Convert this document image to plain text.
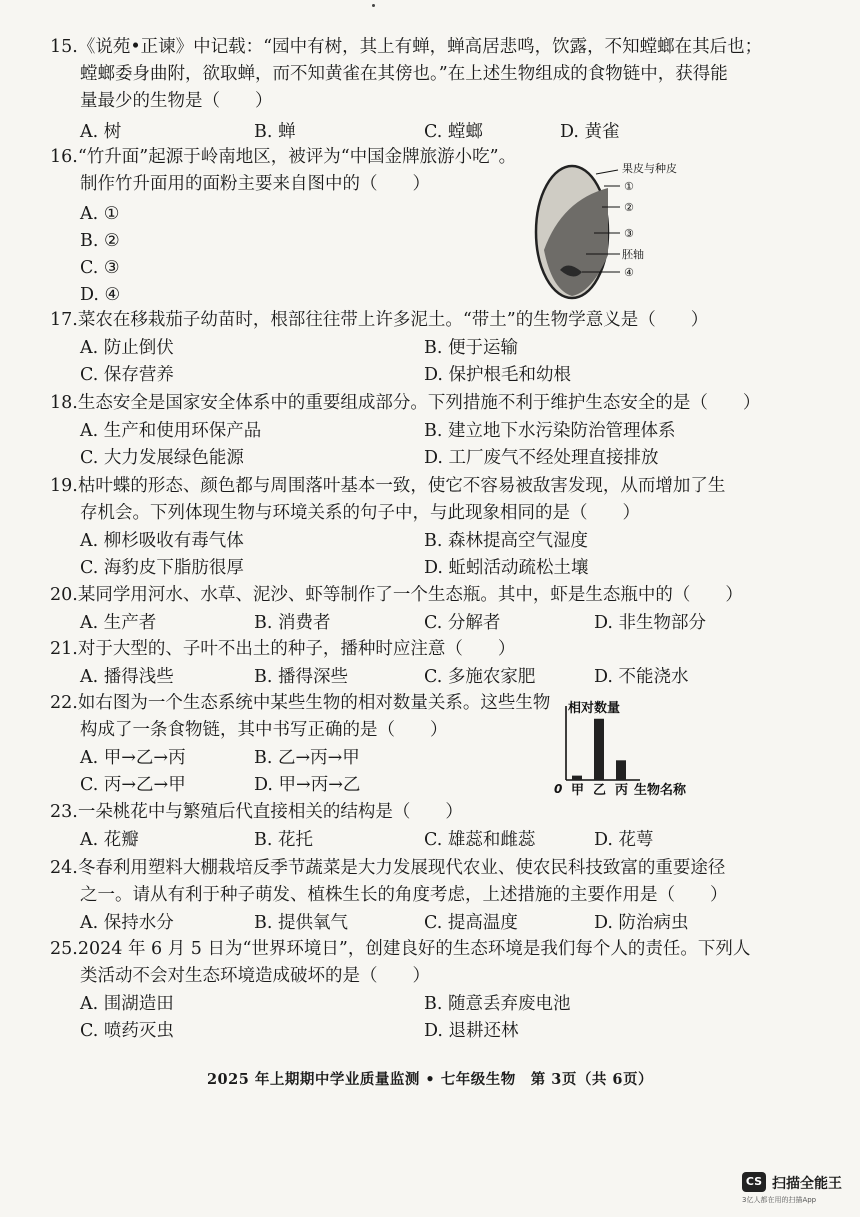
15.《说苑•正谏》中记载：“园中有树，其上有蝉，蝉高居悲鸣，饮露，不知螳螂在其后也；
螳螂委身曲附，欲取蝉，而不知黄雀在其傍也。”在上述生物组成的食物链中，获得能
量最少的生物是（　　）
A. 树	B. 蝉	C. 螳螂	D. 黄雀
16.“竹升面”起源于岭南地区，被评为“中国金牌旅游小吃”。
制作竹升面用的面粉主要来自图中的（　　）
A. ①
B. ②
C. ③
D. ④
果皮与种皮
①
②
③
胚轴
④
17.菜农在移栽茄子幼苗时，根部往往带上许多泥土。“带土”的生物学意义是（　　）
A. 防止倒伏	B. 便于运输
C. 保存营养	D. 保护根毛和幼根
18.生态安全是国家安全体系中的重要组成部分。下列措施不利于维护生态安全的是（　　）
A. 生产和使用环保产品	B. 建立地下水污染防治管理体系
C. 大力发展绿色能源	D. 工厂废气不经处理直接排放
19.枯叶蝶的形态、颜色都与周围落叶基本一致，使它不容易被敌害发现，从而增加了生
存机会。下列体现生物与环境关系的句子中，与此现象相同的是（　　）
A. 柳杉吸收有毒气体	B. 森林提高空气湿度
C. 海豹皮下脂肪很厚	D. 蚯蚓活动疏松土壤
20.某同学用河水、水草、泥沙、虾等制作了一个生态瓶。其中，虾是生态瓶中的（　　）
A. 生产者	B. 消费者	C. 分解者	D. 非生物部分
21.对于大型的、子叶不出土的种子，播种时应注意（　　）
A. 播得浅些	B. 播得深些	C. 多施农家肥	D. 不能浇水
22.如右图为一个生态系统中某些生物的相对数量关系。这些生物
构成了一条食物链，其中书写正确的是（　　）
A. 甲→乙→丙	B. 乙→丙→甲
C. 丙→乙→甲	D. 甲→丙→乙
相对数量
0	生物名称
甲 乙 丙
23.一朵桃花中与繁殖后代直接相关的结构是（　　）
A. 花瓣	B. 花托	C. 雄蕊和雌蕊	D. 花萼
24.冬春利用塑料大棚栽培反季节蔬菜是大力发展现代农业、使农民科技致富的重要途径
之一。请从有利于种子萌发、植株生长的角度考虑，上述措施的主要作用是（　　）
A. 保持水分	B. 提供氧气	C. 提高温度	D. 防治病虫
25.2024 年 6 月 5 日为“世界环境日”，创建良好的生态环境是我们每个人的责任。下列人
类活动不会对生态环境造成破坏的是（　　）
A. 围湖造田	B. 随意丢弃废电池
C. 喷药灭虫	D. 退耕还林
2025 年上期期中学业质量监测 • 七年级生物　第 3页（共 6页）
CS 扫描全能王
3亿人都在用的扫描App
